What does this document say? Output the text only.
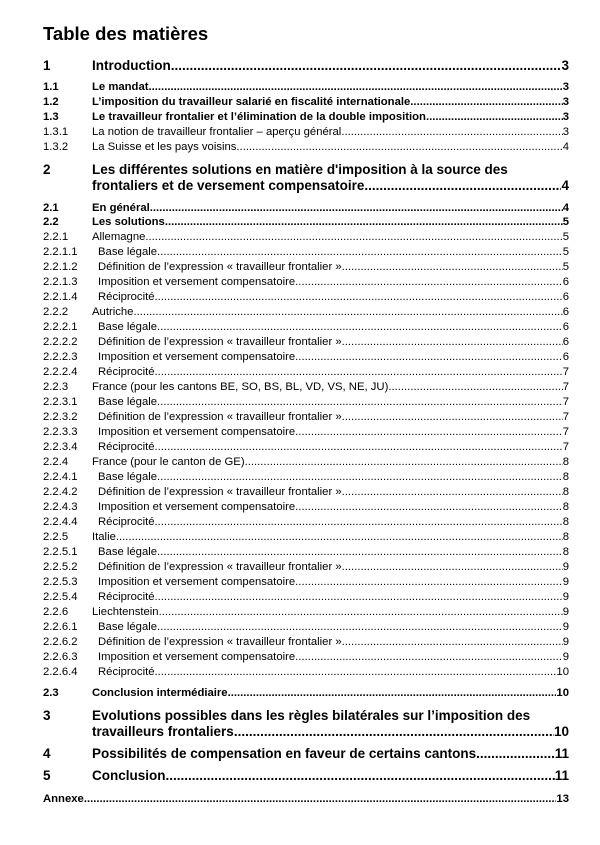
Table des matières
1	Introduction .....	3
1.1	Le mandat .....	3
1.2	L’imposition du travailleur salarié en fiscalité internationale .....	3
1.3	Le travailleur frontalier et l’élimination de la double imposition .....	3
1.3.1	La notion de travailleur frontalier – aperçu général .....	3
1.3.2	La Suisse et les pays voisins .....	4
2	Les différentes solutions en matière d'imposition à la source des
frontaliers et de versement compensatoire .....	4
2.1	En général .....	4
2.2	Les solutions .....	5
2.2.1	Allemagne .....	5
2.2.1.1	Base légale .....	5
2.2.1.2	Définition de l’expression « travailleur frontalier » .....	5
2.2.1.3	Imposition et versement compensatoire .....	6
2.2.1.4	Réciprocité .....	6
2.2.2	Autriche .....	6
2.2.2.1	Base légale .....	6
2.2.2.2	Définition de l’expression « travailleur frontalier » .....	6
2.2.2.3	Imposition et versement compensatoire .....	6
2.2.2.4	Réciprocité .....	7
2.2.3	France (pour les cantons BE, SO, BS, BL, VD, VS, NE, JU) .....	7
2.2.3.1	Base légale .....	7
2.2.3.2	Définition de l’expression « travailleur frontalier » .....	7
2.2.3.3	Imposition et versement compensatoire .....	7
2.2.3.4	Réciprocité .....	7
2.2.4	France (pour le canton de GE) .....	8
2.2.4.1	Base légale .....	8
2.2.4.2	Définition de l’expression « travailleur frontalier » .....	8
2.2.4.3	Imposition et versement compensatoire .....	8
2.2.4.4	Réciprocité .....	8
2.2.5	Italie .....	8
2.2.5.1	Base légale .....	8
2.2.5.2	Définition de l’expression « travailleur frontalier » .....	9
2.2.5.3	Imposition et versement compensatoire .....	9
2.2.5.4	Réciprocité .....	9
2.2.6	Liechtenstein .....	9
2.2.6.1	Base légale .....	9
2.2.6.2	Définition de l’expression « travailleur frontalier » .....	9
2.2.6.3	Imposition et versement compensatoire .....	9
2.2.6.4	Réciprocité .....	10
2.3	Conclusion intermédiaire .....	10
3	Evolutions possibles dans les règles bilatérales sur l’imposition des
travailleurs frontaliers .....	10
4	Possibilités de compensation en faveur de certains cantons .....	11
5	Conclusion .....	11
Annexe .....	13
